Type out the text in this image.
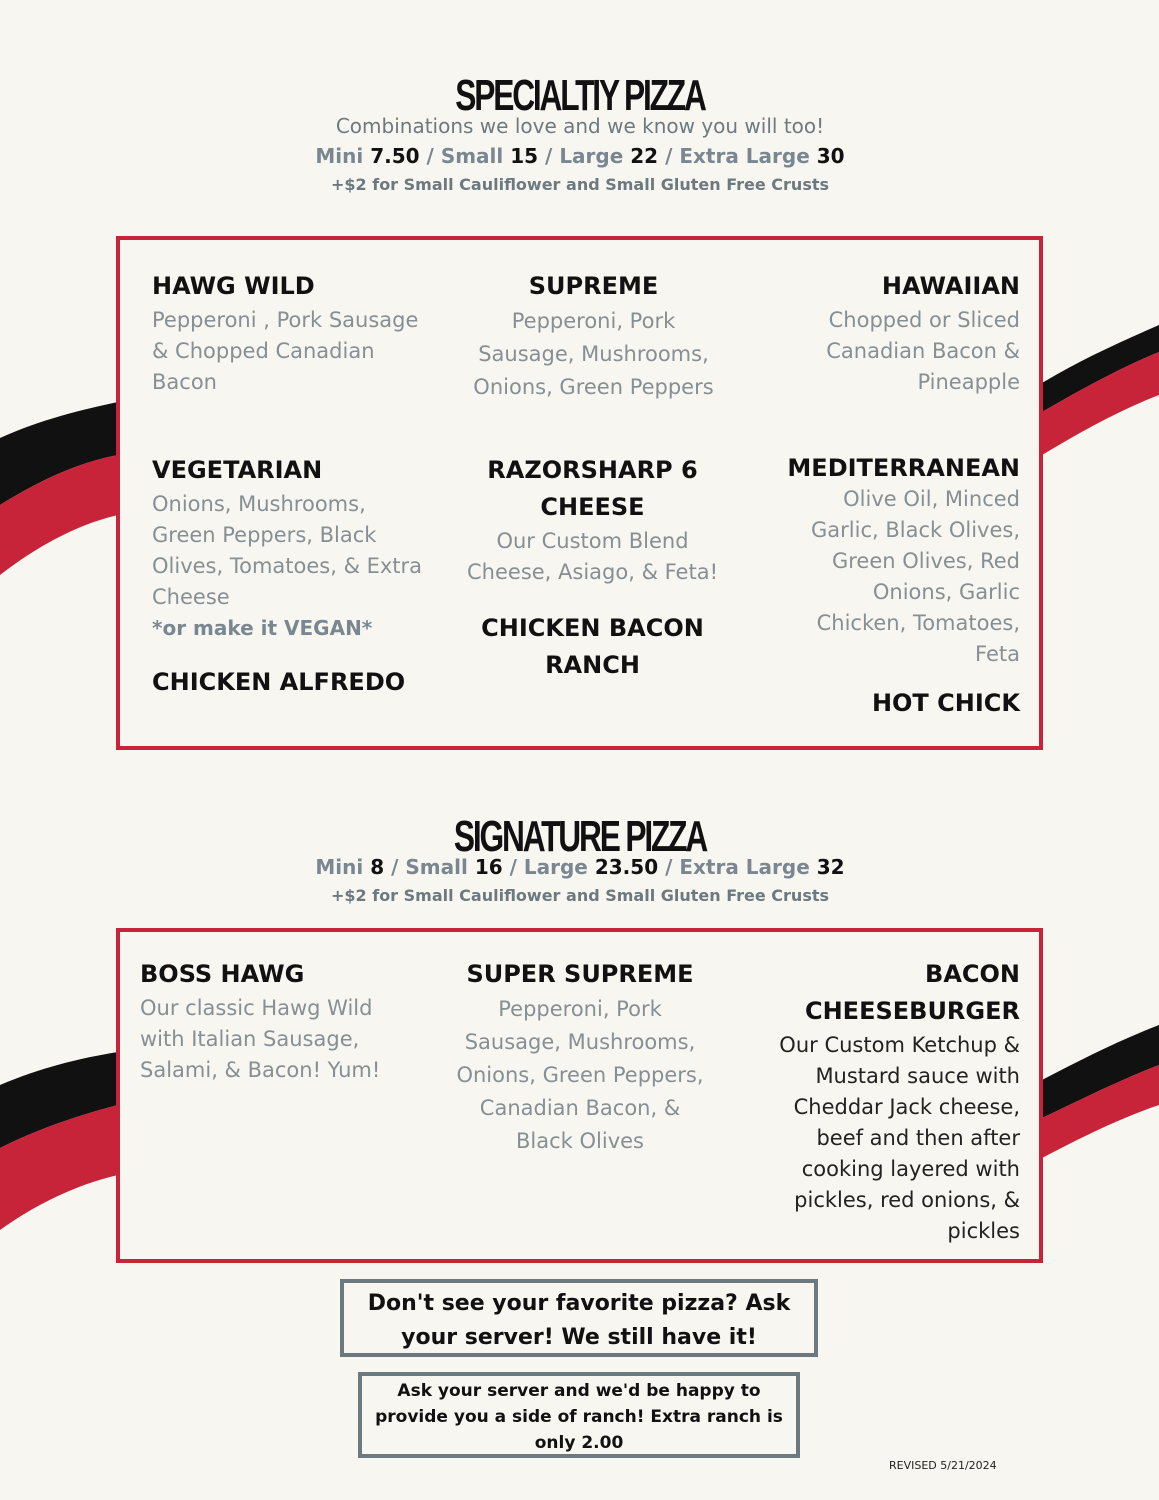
SPECIALTIY PIZZA
Combinations we love and we know you will too!
Mini 7.50 / Small 15 / Large 22 / Extra Large 30
+$2 for Small Cauliflower and Small Gluten Free Crusts

HAWG WILD

Pepperoni , Pork Sausage

& Chopped Canadian

Bacon

SUPREME

Pepperoni, Pork

Sausage, Mushrooms,

Onions, Green Peppers

HAWAIIAN

Chopped or Sliced

Canadian Bacon &

Pineapple

VEGETARIAN

Onions, Mushrooms,

Green Peppers, Black

Olives, Tomatoes, & Extra

Cheese

*or make it VEGAN*

RAZORSHARP 6

CHEESE

Our Custom Blend

Cheese, Asiago, & Feta!

MEDITERRANEAN

Olive Oil, Minced

Garlic, Black Olives,

Green Olives, Red

Onions, Garlic

Chicken, Tomatoes,

Feta

CHICKEN ALFREDO

CHICKEN BACON

RANCH

HOT CHICK

SIGNATURE PIZZA
Mini 8 / Small 16 / Large 23.50 / Extra Large 32
+$2 for Small Cauliflower and Small Gluten Free Crusts

BOSS HAWG

Our classic Hawg Wild

with Italian Sausage,

Salami, & Bacon! Yum!

SUPER SUPREME

Pepperoni, Pork

Sausage, Mushrooms,

Onions, Green Peppers,

Canadian Bacon, &

Black Olives

BACON

CHEESEBURGER

Our Custom Ketchup &

Mustard sauce with

Cheddar Jack cheese,

beef and then after

cooking layered with

pickles, red onions, &

pickles

Don't see your favorite pizza? Ask
your server! We still have it!
Ask your server and we'd be happy to
provide you a side of ranch! Extra ranch is
only 2.00
REVISED 5/21/2024
